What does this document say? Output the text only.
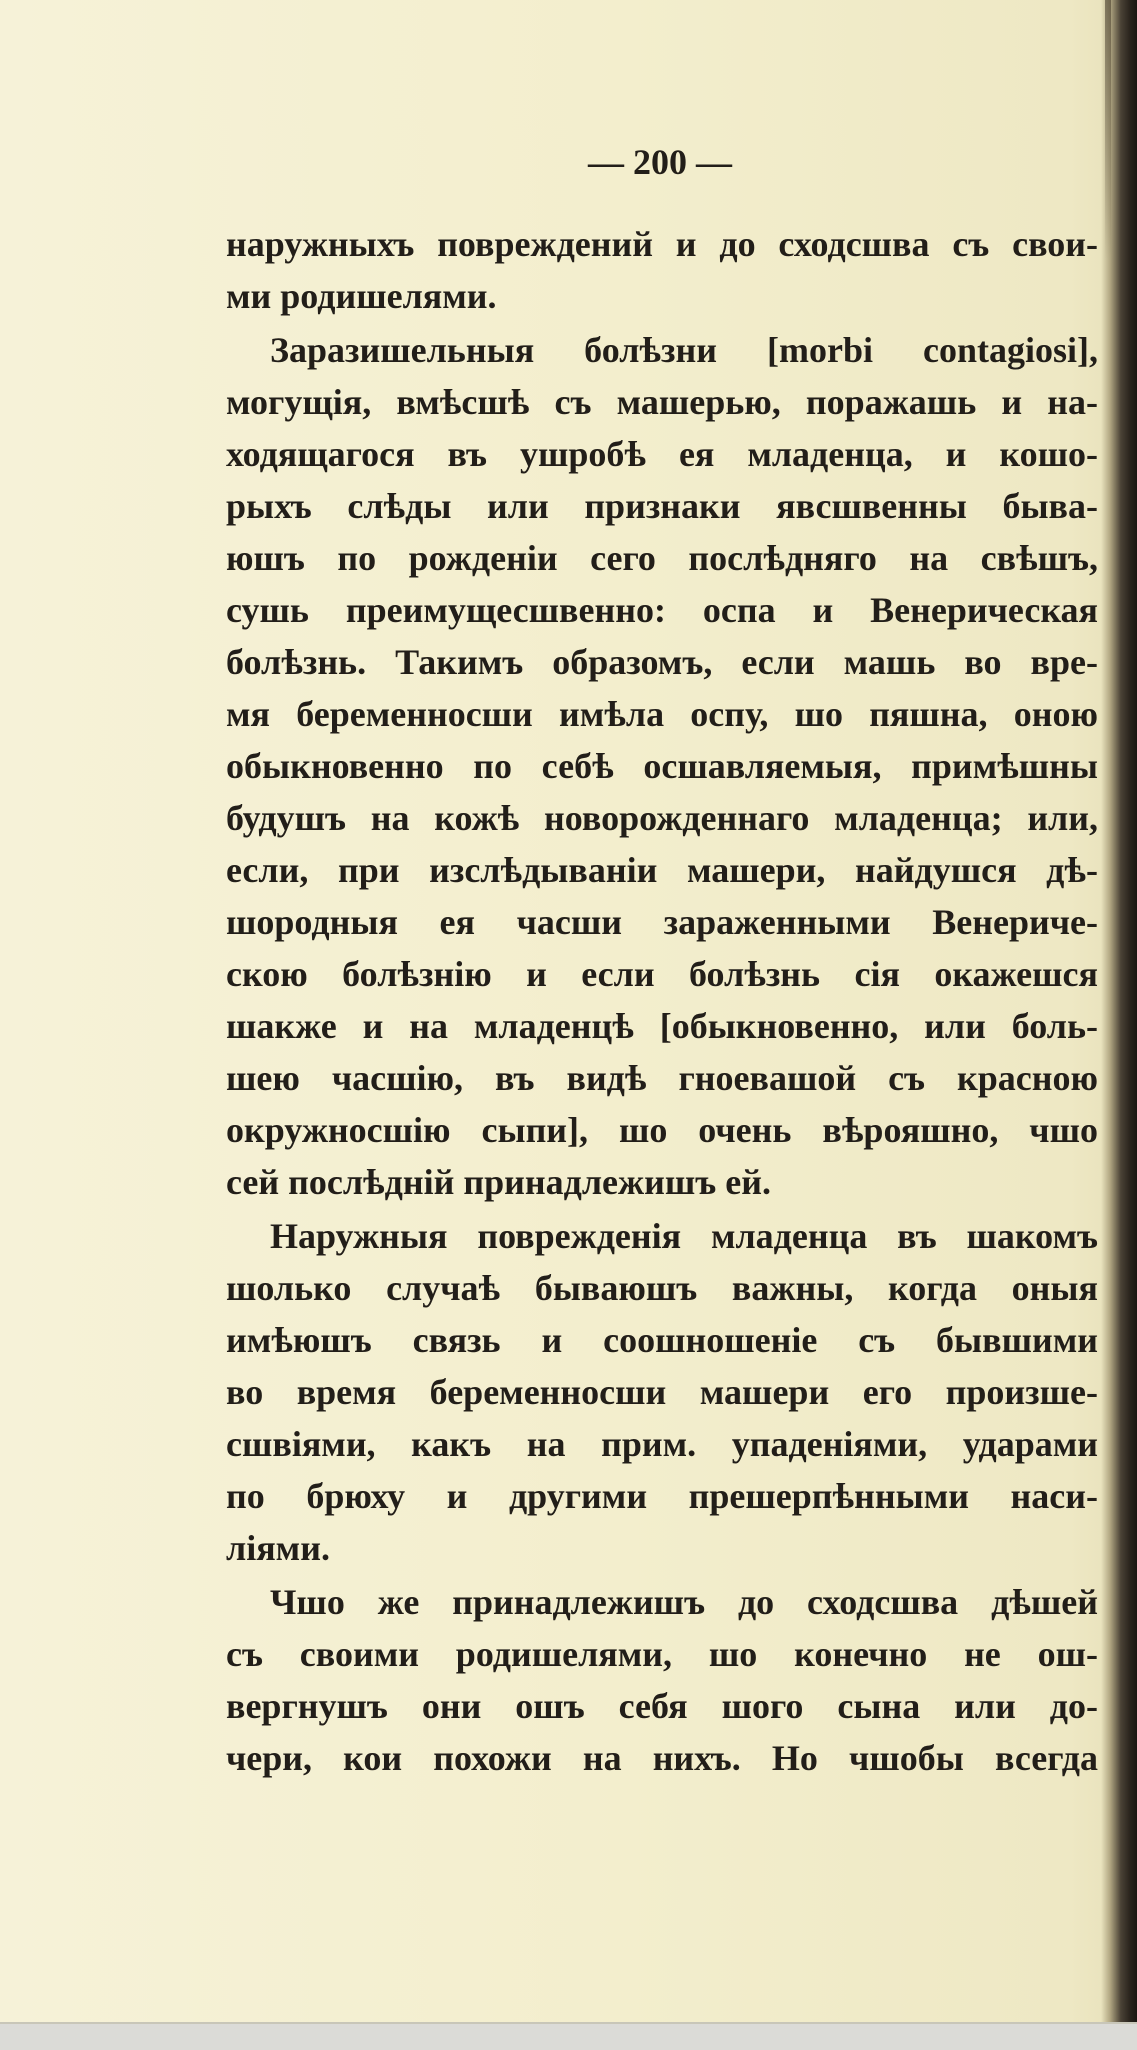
— 200 —
наружныхъ повреждений и до сходсшва съ свои-
ми родишелями.
Заразишельныя болѣзни [morbi contagiosi],
могущія, вмѣсшѣ съ машерью, поражашь и на-
ходящагося въ ушробѣ ея младенца, и кошо-
рыхъ слѣды или признаки явсшвенны быва-
юшъ по рожденіи сего послѣдняго на свѣшъ,
сушь преимущесшвенно: оспа и Венерическая
болѣзнь. Такимъ образомъ, если машь во вре-
мя беременносши имѣла оспу, шо пяшна, оною
обыкновенно по себѣ осшавляемыя, примѣшны
будушъ на кожѣ новорожденнаго младенца; или,
если, при изслѣдываніи машери, найдушся дѣ-
шородныя ея часши зараженными Венериче-
скою болѣзнію и если болѣзнь сія окажешся
шакже и на младенцѣ [обыкновенно, или боль-
шею часшію, въ видѣ гноевашой съ красною
окружносшію сыпи], шо очень вѣрояшно, чшо
сей послѣдній принадлежишъ ей.
Наружныя поврежденія младенца въ шакомъ
шолько случаѣ бываюшъ важны, когда оныя
имѣюшъ связь и соошношеніе съ бывшими
во время беременносши машери его произше-
сшвіями, какъ на прим. упаденіями, ударами
по брюху и другими прешерпѣнными наси-
ліями.
Чшо же принадлежишъ до сходсшва дѣшей
съ своими родишелями, шо конечно не ош-
вергнушъ они ошъ себя шого сына или до-
чери, кои похожи на нихъ. Но чшобы всегда
